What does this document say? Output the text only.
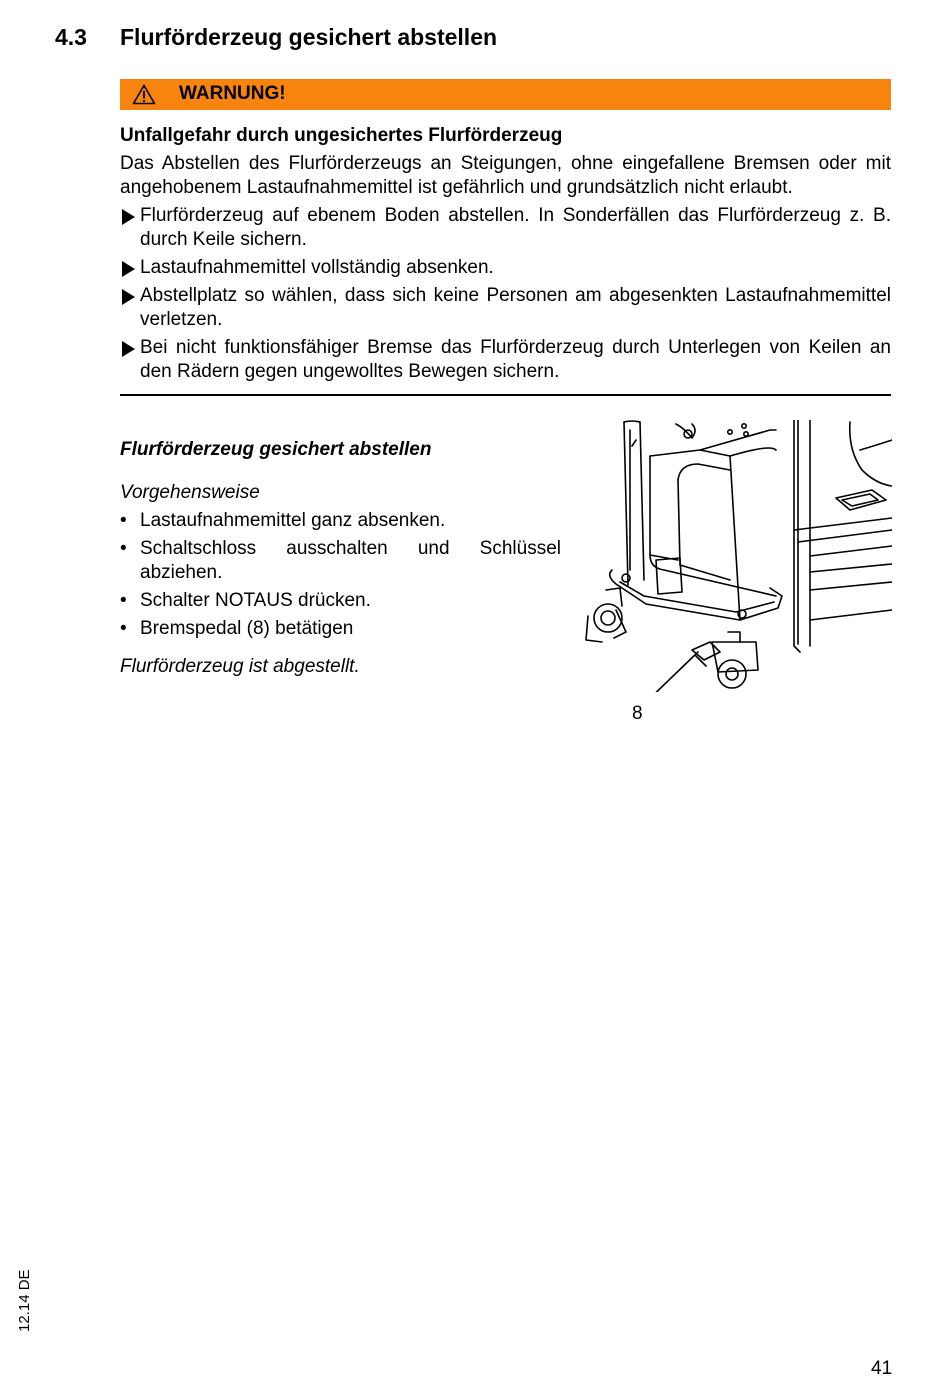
4.3 Flurförderzeug gesichert abstellen
WARNUNG!
Unfallgefahr durch ungesichertes Flurförderzeug
Das Abstellen des Flurförderzeugs an Steigungen, ohne eingefallene Bremsen oder mit angehobenem Lastaufnahmemittel ist gefährlich und grundsätzlich nicht erlaubt.
Flurförderzeug auf ebenem Boden abstellen. In Sonderfällen das Flurförderzeug z. B. durch Keile sichern.
Lastaufnahmemittel vollständig absenken.
Abstellplatz so wählen, dass sich keine Personen am abgesenkten Lastaufnahmemittel verletzen.
Bei nicht funktionsfähiger Bremse das Flurförderzeug durch Unterlegen von Keilen an den Rädern gegen ungewolltes Bewegen sichern.
Flurförderzeug gesichert abstellen
Vorgehensweise
• Lastaufnahmemittel ganz absenken.
• Schaltschloss ausschalten und Schlüssel abziehen.
• Schalter NOTAUS drücken.
• Bremspedal (8) betätigen
Flurförderzeug ist abgestellt.
8
12.14 DE
41
